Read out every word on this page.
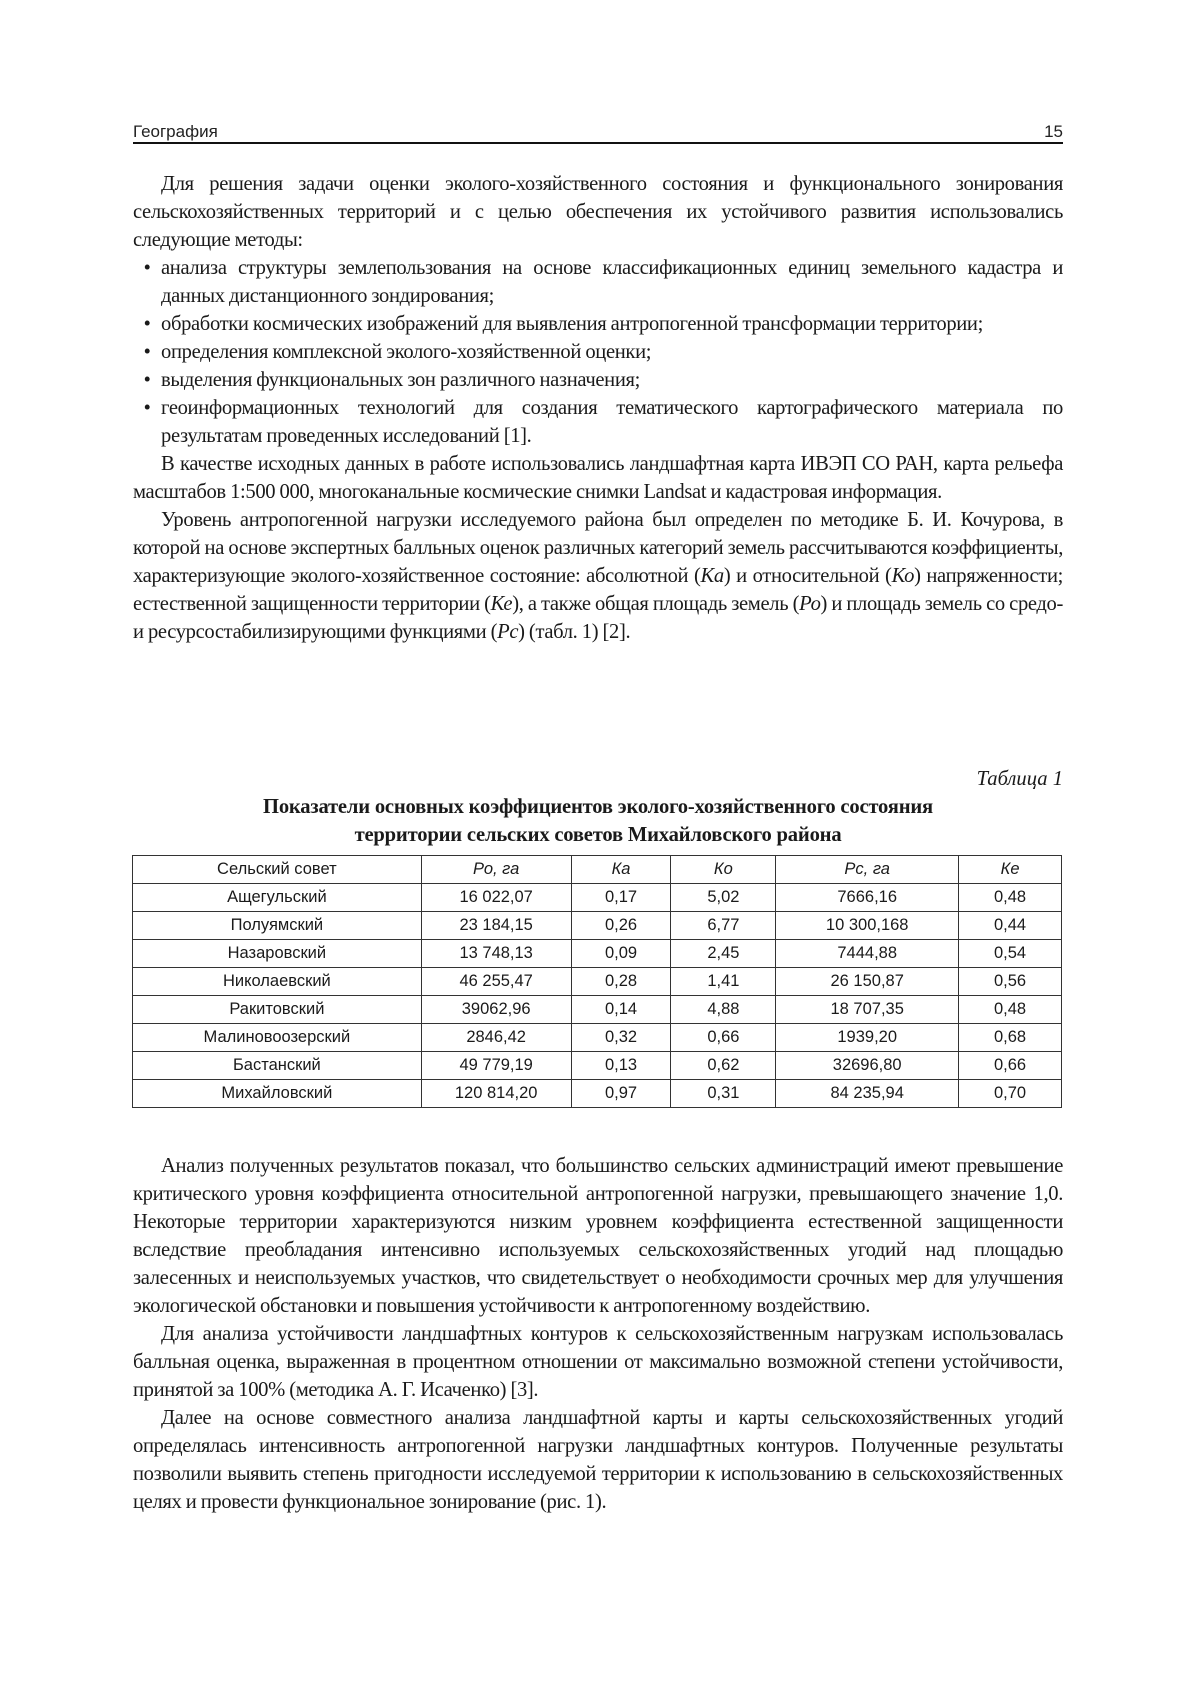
География	15

Для решения задачи оценки эколого-хозяйственного состояния и функционального зонирования сельскохозяйственных территорий и с целью обеспечения их устойчивого развития использовались следующие методы:

• анализа структуры землепользования на основе классификационных единиц земельного кадастра и данных дистанционного зондирования;
• обработки космических изображений для выявления антропогенной трансформации территории;
• определения комплексной эколого-хозяйственной оценки;
• выделения функциональных зон различного назначения;
• геоинформационных технологий для создания тематического картографического материала по результатам проведенных исследований [1].

В качестве исходных данных в работе использовались ландшафтная карта ИВЭП СО РАН, карта рельефа масштабов 1:500 000, многоканальные космические снимки Landsat и кадастровая информация.

Уровень антропогенной нагрузки исследуемого района был определен по методике Б. И. Кочурова, в которой на основе экспертных балльных оценок различных категорий земель рассчитываются коэффициенты, характеризующие эколого-хозяйственное состояние: абсолютной (Ка) и относительной (Ко) напряженности; естественной защищенности территории (Ке), а также общая площадь земель (Ро) и площадь земель со средо- и ресурсостабилизирующими функциями (Рс) (табл. 1) [2].

Таблица 1
Показатели основных коэффициентов эколого-хозяйственного состояния
территории сельских советов Михайловского района
Сельский совет	Ро, га	Ка	Ко	Рс, га	Ке
Ащегульский	16 022,07	0,17	5,02	7666,16	0,48
Полуямский	23 184,15	0,26	6,77	10 300,168	0,44
Назаровский	13 748,13	0,09	2,45	7444,88	0,54
Николаевский	46 255,47	0,28	1,41	26 150,87	0,56
Ракитовский	39062,96	0,14	4,88	18 707,35	0,48
Малиновоозерский	2846,42	0,32	0,66	1939,20	0,68
Бастанский	49 779,19	0,13	0,62	32696,80	0,66
Михайловский	120 814,20	0,97	0,31	84 235,94	0,70

Анализ полученных результатов показал, что большинство сельских администраций имеют превышение критического уровня коэффициента относительной антропогенной нагрузки, превышающего значение 1,0. Некоторые территории характеризуются низким уровнем коэффициента естественной защищенности вследствие преобладания интенсивно используемых сельскохозяйственных угодий над площадью залесенных и неиспользуемых участков, что свидетельствует о необходимости срочных мер для улучшения экологической обстановки и повышения устойчивости к антропогенному воздействию.

Для анализа устойчивости ландшафтных контуров к сельскохозяйственным нагрузкам использовалась балльная оценка, выраженная в процентном отношении от максимально возможной степени устойчивости, принятой за 100% (методика А. Г. Исаченко) [3].

Далее на основе совместного анализа ландшафтной карты и карты сельскохозяйственных угодий определялась интенсивность антропогенной нагрузки ландшафтных контуров. Полученные результаты позволили выявить степень пригодности исследуемой территории к использованию в сельскохозяйственных целях и провести функциональное зонирование (рис. 1).
